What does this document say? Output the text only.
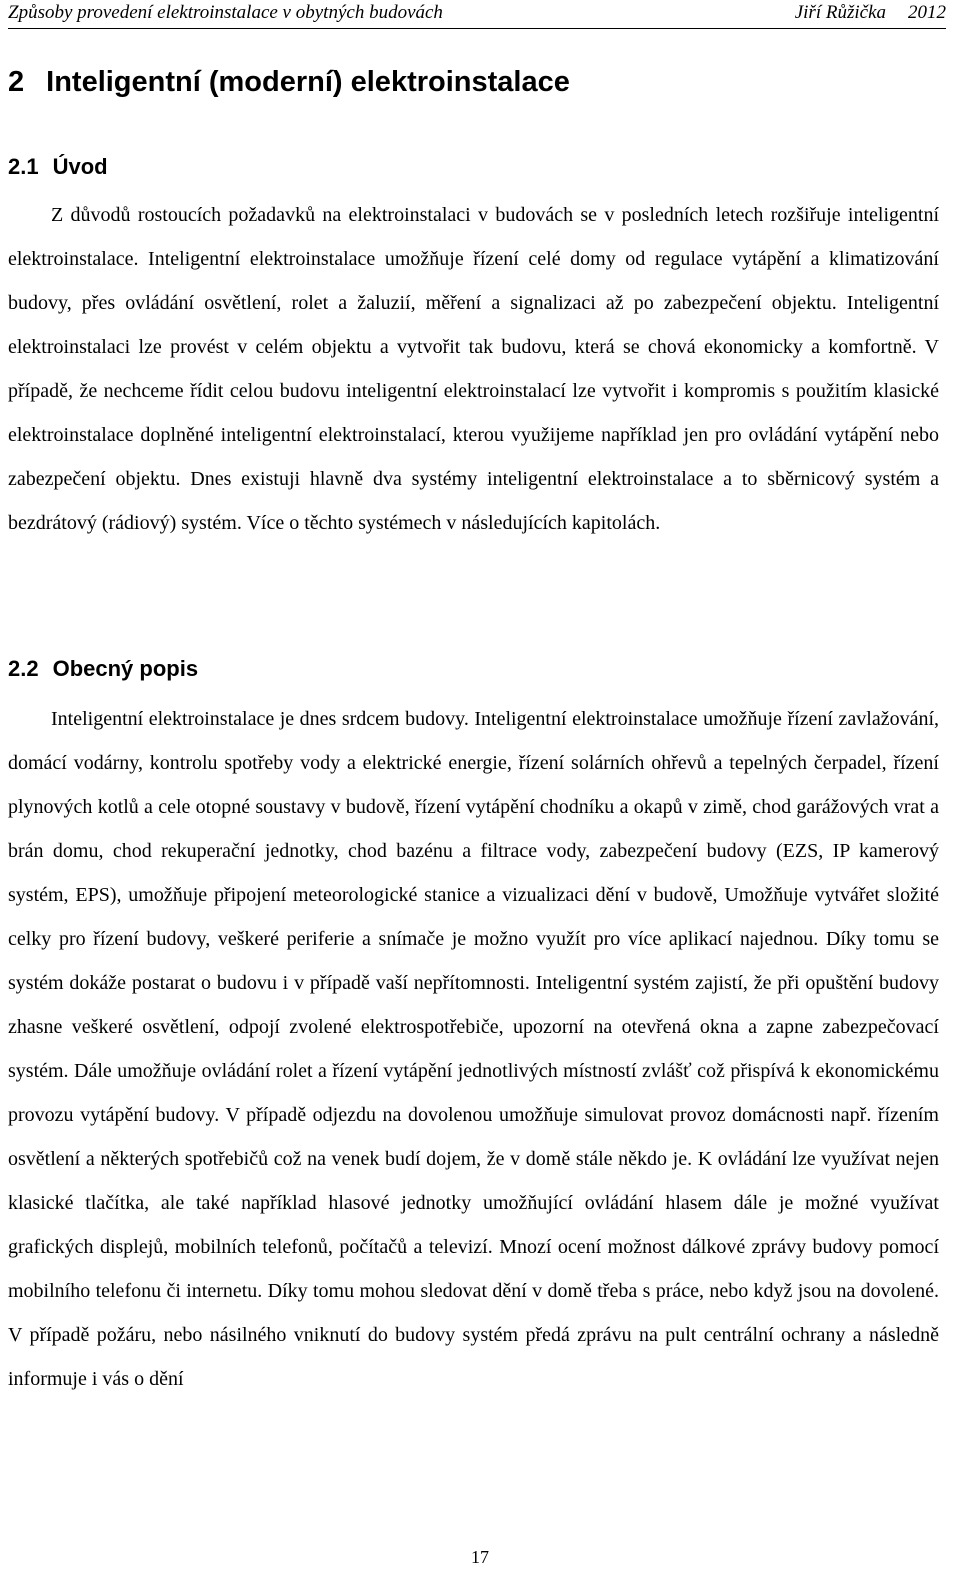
Způsoby provedení elektroinstalace v obytných budovách	Jiří Růžička 2012
2 Inteligentní (moderní) elektroinstalace
2.1 Úvod

Z důvodů rostoucích požadavků na elektroinstalaci v budovách se v posledních letech rozšiřuje inteligentní elektroinstalace. Inteligentní elektroinstalace umožňuje řízení celé domy od regulace vytápění a klimatizování budovy, přes ovládání osvětlení, rolet a žaluzií, měření a signalizaci až po zabezpečení objektu. Inteligentní elektroinstalaci lze provést v celém objektu a vytvořit tak budovu, která se chová ekonomicky a komfortně. V případě, že nechceme řídit celou budovu inteligentní elektroinstalací lze vytvořit i kompromis s použitím klasické elektroinstalace doplněné inteligentní elektroinstalací, kterou využijeme například jen pro ovládání vytápění nebo zabezpečení objektu. Dnes existuji hlavně dva systémy inteligentní elektroinstalace a to sběrnicový systém a bezdrátový (rádiový) systém. Více o těchto systémech v následujících kapitolách.

2.2 Obecný popis

Inteligentní elektroinstalace je dnes srdcem budovy. Inteligentní elektroinstalace umožňuje řízení zavlažování, domácí vodárny, kontrolu spotřeby vody a elektrické energie, řízení solárních ohřevů a tepelných čerpadel, řízení plynových kotlů a cele otopné soustavy v budově, řízení vytápění chodníku a okapů v zimě, chod garážových vrat a brán domu, chod rekuperační jednotky, chod bazénu a filtrace vody, zabezpečení budovy (EZS, IP kamerový systém, EPS), umožňuje připojení meteorologické stanice a vizualizaci dění v budově, Umožňuje vytvářet složité celky pro řízení budovy, veškeré periferie a snímače je možno využít pro více aplikací najednou. Díky tomu se systém dokáže postarat o budovu i v případě vaší nepřítomnosti. Inteligentní systém zajistí, že při opuštění budovy zhasne veškeré osvětlení, odpojí zvolené elektrospotřebiče, upozorní na otevřená okna a zapne zabezpečovací systém. Dále umožňuje ovládání rolet a řízení vytápění jednotlivých místností zvlášť což přispívá k ekonomickému provozu vytápění budovy. V případě odjezdu na dovolenou umožňuje simulovat provoz domácnosti např. řízením osvětlení a některých spotřebičů což na venek budí dojem, že v domě stále někdo je. K ovládání lze využívat nejen klasické tlačítka, ale také například hlasové jednotky umožňující ovládání hlasem dále je možné využívat grafických displejů, mobilních telefonů, počítačů a televizí. Mnozí ocení možnost dálkové zprávy budovy pomocí mobilního telefonu či internetu. Díky tomu mohou sledovat dění v domě třeba s práce, nebo když jsou na dovolené. V případě požáru, nebo násilného vniknutí do budovy systém předá zprávu na pult centrální ochrany a následně informuje i vás o dění

17
